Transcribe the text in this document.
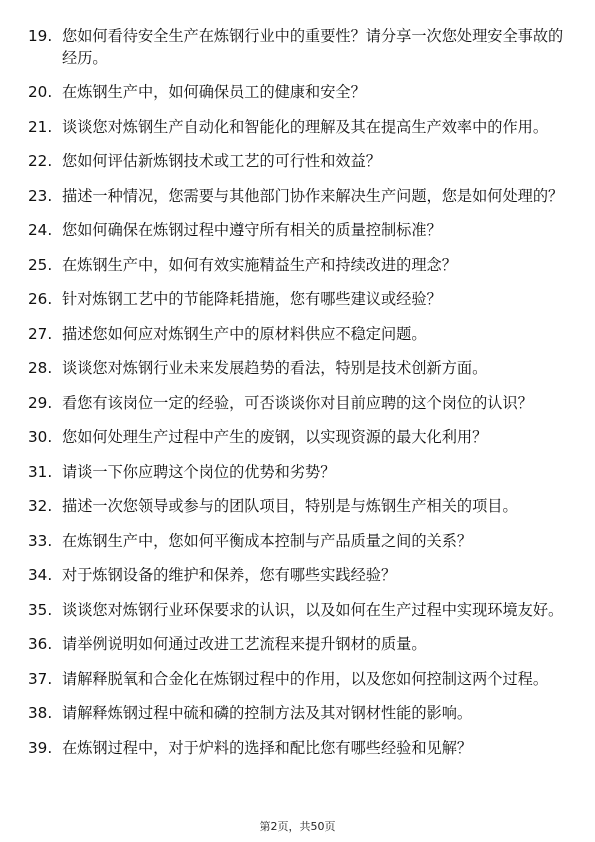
19. 您如何看待安全生产在炼钢行业中的重要性？请分享一次您处理安全事故的经历。
20. 在炼钢生产中，如何确保员工的健康和安全？
21. 谈谈您对炼钢生产自动化和智能化的理解及其在提高生产效率中的作用。
22. 您如何评估新炼钢技术或工艺的可行性和效益？
23. 描述一种情况，您需要与其他部门协作来解决生产问题，您是如何处理的？
24. 您如何确保在炼钢过程中遵守所有相关的质量控制标准？
25. 在炼钢生产中，如何有效实施精益生产和持续改进的理念？
26. 针对炼钢工艺中的节能降耗措施，您有哪些建议或经验？
27. 描述您如何应对炼钢生产中的原材料供应不稳定问题。
28. 谈谈您对炼钢行业未来发展趋势的看法，特别是技术创新方面。
29. 看您有该岗位一定的经验，可否谈谈你对目前应聘的这个岗位的认识？
30. 您如何处理生产过程中产生的废钢，以实现资源的最大化利用？
31. 请谈一下你应聘这个岗位的优势和劣势？
32. 描述一次您领导或参与的团队项目，特别是与炼钢生产相关的项目。
33. 在炼钢生产中，您如何平衡成本控制与产品质量之间的关系？
34. 对于炼钢设备的维护和保养，您有哪些实践经验？
35. 谈谈您对炼钢行业环保要求的认识，以及如何在生产过程中实现环境友好。
36. 请举例说明如何通过改进工艺流程来提升钢材的质量。
37. 请解释脱氧和合金化在炼钢过程中的作用，以及您如何控制这两个过程。
38. 请解释炼钢过程中硫和磷的控制方法及其对钢材性能的影响。
39. 在炼钢过程中，对于炉料的选择和配比您有哪些经验和见解？
第2页，共50页
